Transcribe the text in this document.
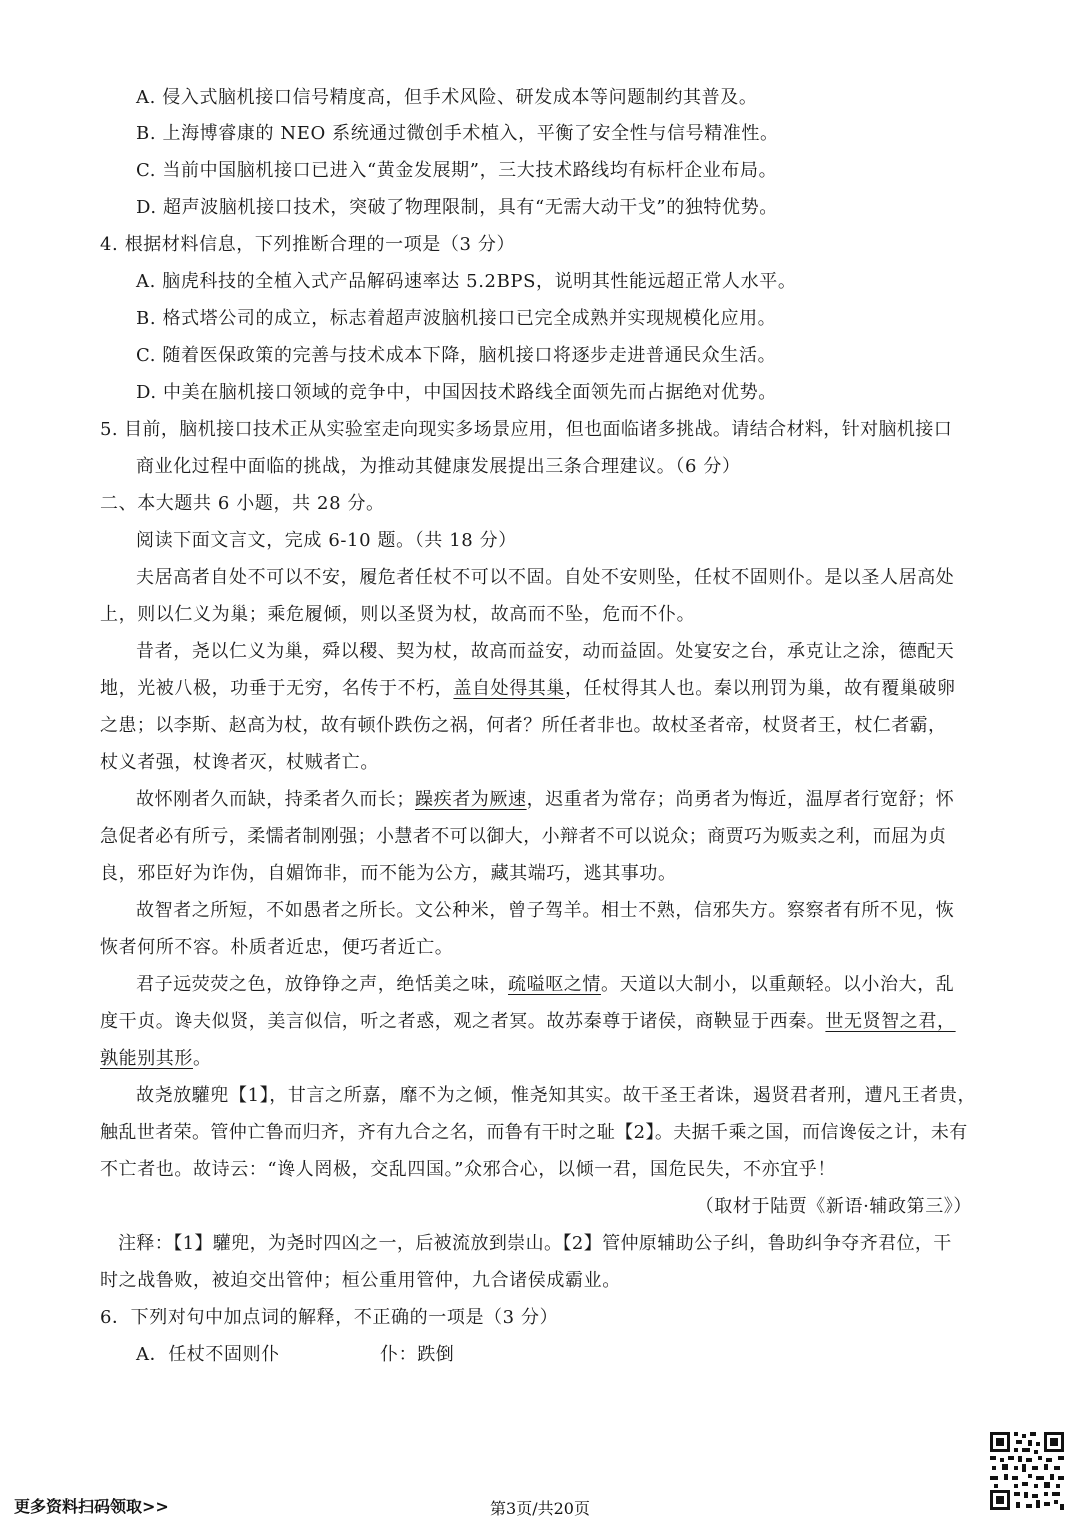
A. 侵入式脑机接口信号精度高，但手术风险、研发成本等问题制约其普及。
B. 上海博睿康的 NEO 系统通过微创手术植入，平衡了安全性与信号精准性。
C. 当前中国脑机接口已进入“黄金发展期”，三大技术路线均有标杆企业布局。
D. 超声波脑机接口技术，突破了物理限制，具有“无需大动干戈”的独特优势。
4. 根据材料信息，下列推断合理的一项是（3 分）
A. 脑虎科技的全植入式产品解码速率达 5.2BPS，说明其性能远超正常人水平。
B. 格式塔公司的成立，标志着超声波脑机接口已完全成熟并实现规模化应用。
C. 随着医保政策的完善与技术成本下降，脑机接口将逐步走进普通民众生活。
D. 中美在脑机接口领域的竞争中，中国因技术路线全面领先而占据绝对优势。
5. 目前，脑机接口技术正从实验室走向现实多场景应用，但也面临诸多挑战。请结合材料，针对脑机接口
商业化过程中面临的挑战，为推动其健康发展提出三条合理建议。（6 分）
二、本大题共 6 小题，共 28 分。
阅读下面文言文，完成 6-10 题。（共 18 分）
夫居高者自处不可以不安，履危者任杖不可以不固。自处不安则坠，任杖不固则仆。是以圣人居高处
上，则以仁义为巢；乘危履倾，则以圣贤为杖，故高而不坠，危而不仆。
昔者，尧以仁义为巢，舜以稷、契为杖，故高而益安，动而益固。处宴安之台，承克让之涂，德配天
地，光被八极，功垂于无穷，名传于不朽，盖自处得其巢，任杖得其人也。秦以刑罚为巢，故有覆巢破卵
之患；以李斯、赵高为杖，故有顿仆跌伤之祸，何者？所任者非也。故杖圣者帝，杖贤者王，杖仁者霸，
杖义者强，杖谗者灭，杖贼者亡。
故怀刚者久而缺，持柔者久而长；躁疾者为厥速，迟重者为常存；尚勇者为悔近，温厚者行宽舒；怀
急促者必有所亏，柔懦者制刚强；小慧者不可以御大，小辩者不可以说众；商贾巧为贩卖之利，而屈为贞
良，邪臣好为诈伪，自媚饰非，而不能为公方，藏其端巧，逃其事功。
故智者之所短，不如愚者之所长。文公种米，曾子驾羊。相士不熟，信邪失方。察察者有所不见，恢
恢者何所不容。朴质者近忠，便巧者近亡。
君子远荧荧之色，放铮铮之声，绝恬美之味，疏嗌呕之情。天道以大制小，以重颠轻。以小治大，乱
度干贞。谗夫似贤，美言似信，听之者惑，观之者冥。故苏秦尊于诸侯，商鞅显于西秦。世无贤智之君，
孰能别其形。
故尧放驩兜【1】，甘言之所嘉，靡不为之倾，惟尧知其实。故干圣王者诛，遏贤君者刑，遭凡王者贵，
触乱世者荣。管仲亡鲁而归齐，齐有九合之名，而鲁有干时之耻【2】。夫据千乘之国，而信谗佞之计，未有
不亡者也。故诗云：“谗人罔极，交乱四国。”众邪合心，以倾一君，国危民失，不亦宜乎！
（取材于陆贾《新语·辅政第三》）
注释：【1】驩兜，为尧时四凶之一，后被流放到崇山。【2】管仲原辅助公子纠，鲁助纠争夺齐君位，干
时之战鲁败，被迫交出管仲；桓公重用管仲，九合诸侯成霸业。
6．下列对句中加点词的解释，不正确的一项是（3 分）
A．任杖不固则仆	仆：跌倒
更多资料扫码领取>>	第3页/共20页
